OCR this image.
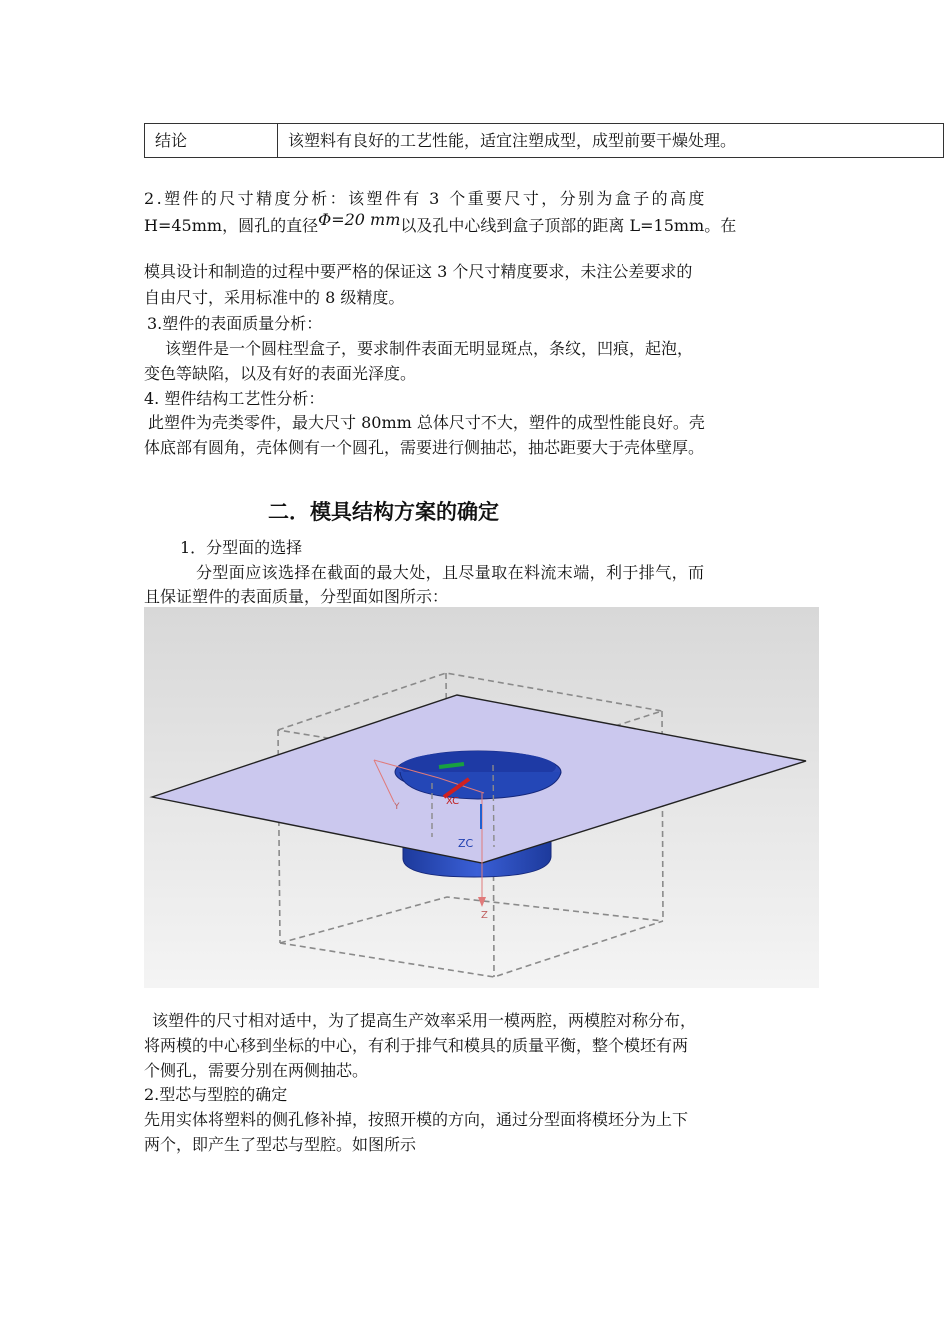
结论	该塑料有良好的工艺性能，适宜注塑成型，成型前要干燥处理。
2.塑件的尺寸精度分析：该塑件有 3 个重要尺寸，分别为盒子的高度
H=45mm，圆孔的直径Φ=20 mm以及孔中心线到盒子顶部的距离 L=15mm。在
模具设计和制造的过程中要严格的保证这 3 个尺寸精度要求，未注公差要求的
自由尺寸，采用标准中的 8 级精度。
3.塑件的表面质量分析：
该塑件是一个圆柱型盒子，要求制件表面无明显斑点，条纹，凹痕，起泡，
变色等缺陷，以及有好的表面光泽度。
4. 塑件结构工艺性分析：
此塑件为壳类零件，最大尺寸 80mm 总体尺寸不大，塑件的成型性能良好。壳
体底部有圆角，壳体侧有一个圆孔，需要进行侧抽芯，抽芯距要大于壳体壁厚。
二．模具结构方案的确定
1．分型面的选择
分型面应该选择在截面的最大处，且尽量取在料流末端，利于排气，而
且保证塑件的表面质量，分型面如图所示：
XC
ZC
Z
Y
该塑件的尺寸相对适中，为了提高生产效率采用一模两腔，两模腔对称分布，
将两模的中心移到坐标的中心，有利于排气和模具的质量平衡，整个模坯有两
个侧孔，需要分别在两侧抽芯。
2.型芯与型腔的确定
先用实体将塑料的侧孔修补掉，按照开模的方向，通过分型面将模坯分为上下
两个，即产生了型芯与型腔。如图所示
